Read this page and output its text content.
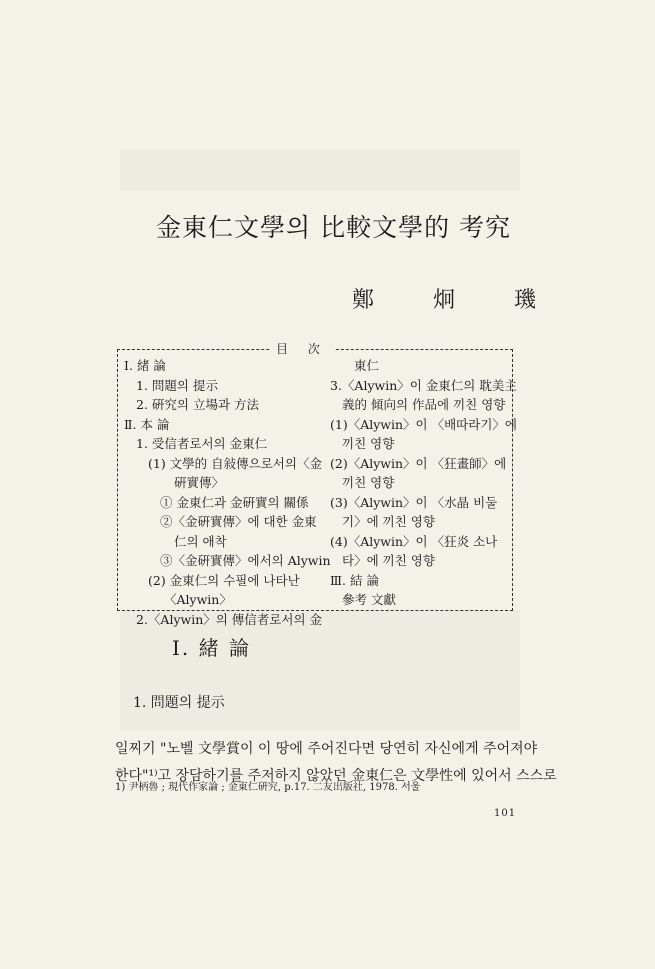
金東仁文學의 比較文學的 考究
鄭 炯 璣
目 次
Ⅰ. 緒 論
1. 問題의 提示
2. 硏究의 立場과 方法
Ⅱ. 本 論
1. 受信者로서의 金東仁
(1) 文學的 自敍傳으로서의〈金
硏實傳〉
① 金東仁과 金硏實의 關係
②〈金硏實傳〉에 대한 金東
仁의 애착
③〈金硏實傳〉에서의 Alywin
(2) 金東仁의 수필에 나타난
〈Alywin〉
2.〈Alywin〉의 傳信者로서의 金
東仁
3.〈Alywin〉이 金東仁의 耽美主
義的 傾向의 作品에 끼친 영향
(1)〈Alywin〉이 〈배따라기〉에
끼친 영향
(2)〈Alywin〉이 〈狂畫師〉에
끼친 영향
(3)〈Alywin〉이 〈水晶 비둘
기〉에 끼친 영향
(4)〈Alywin〉이 〈狂炎 소나
타〉에 끼친 영향
Ⅲ. 結 論
參考 文獻
Ⅰ. 緒 論
1. 問題의 提示

일찌기 "노벨 文學賞이 이 땅에 주어진다면 당연히 자신에게 주어져야

한다"¹⁾고 장담하기를 주저하지 않았던 金東仁은 文學性에 있어서 스스로

1) 尹柄魯 ; 現代作家論 ; 金東仁硏究, p.17. 二友出版社, 1978. 서울
101
